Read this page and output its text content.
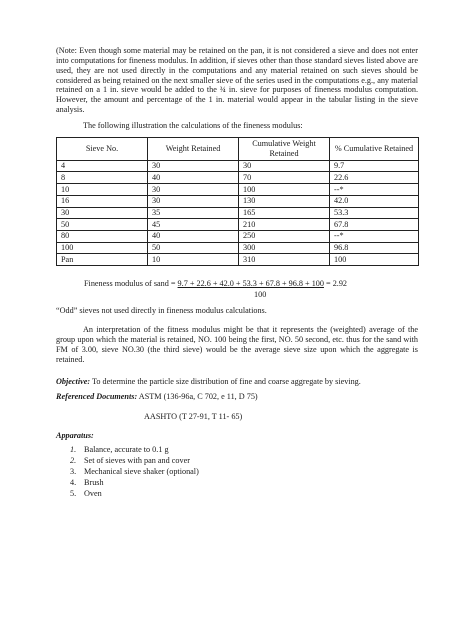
(Note: Even though some material may be retained on the pan, it is not considered a sieve and does not enter into computations for fineness modulus. In addition, if sieves other than those standard sieves listed above are used, they are not used directly in the computations and any material retained on such sieves should be considered as being retained on the next smaller sieve of the series used in the computations e.g., any material retained on a 1 in. sieve would be added to the ¾ in. sieve for purposes of fineness modulus computation. However, the amount and percentage of the 1 in. material would appear in the tabular listing in the sieve analysis.

The following illustration the calculations of the fineness modulus:

Sieve No.	Weight Retained	Cumulative Weight Retained	% Cumulative Retained
4	30	30	9.7
8	40	70	22.6
10	30	100	--*
16	30	130	42.0
30	35	165	53.3
50	45	210	67.8
80	40	250	--*
100	50	300	96.8
Pan	10	310	100
Fineness modulus of sand = 9.7 + 22.6 + 42.0 + 53.3 + 67.8 + 96.8 + 100 = 2.92
100

“Odd” sieves not used directly in fineness modulus calculations.

An interpretation of the fitness modulus might be that it represents the (weighted) average of the group upon which the material is retained, NO. 100 being the first, NO. 50 second, etc. thus for the sand with FM of 3.00, sieve NO.30 (the third sieve) would be the average sieve size upon which the aggregate is retained.

Objective: To determine the particle size distribution of fine and coarse aggregate by sieving.

Referenced Documents: ASTM (136-96a, C 702, e 11, D 75)

AASHTO (T 27-91, T 11- 65)

Apparatus:

1. Balance, accurate to 0.1 g
2. Set of sieves with pan and cover
3. Mechanical sieve shaker (optional)
4. Brush
5. Oven
